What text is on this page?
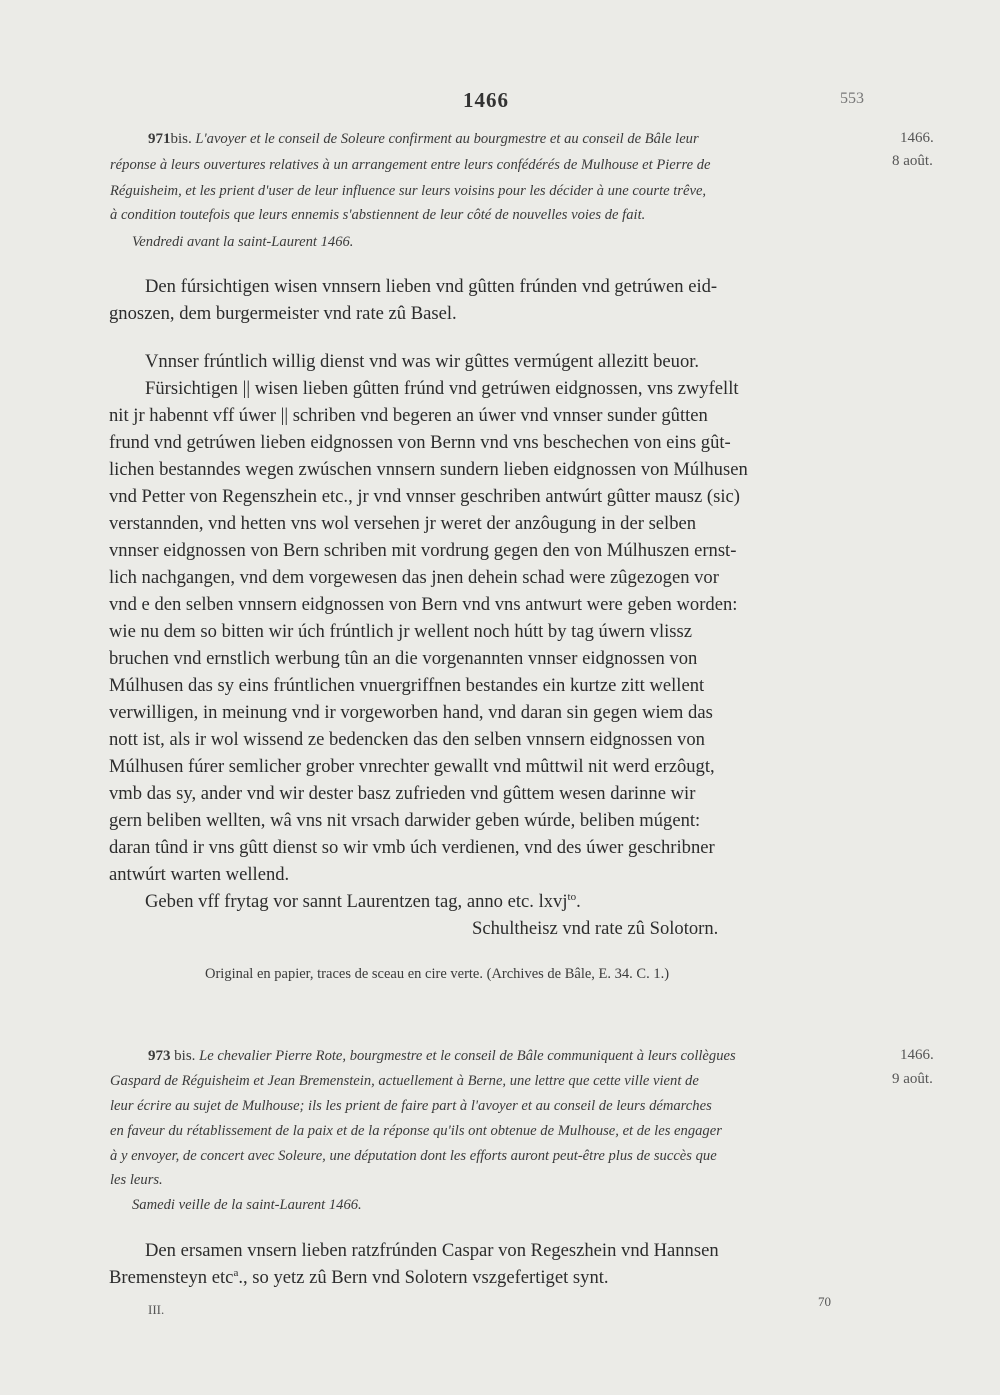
1466	553

1466.

8 août.

971bis. L'avoyer et le conseil de Soleure confirment au bourgmestre et au conseil de Bâle leur

réponse à leurs ouvertures relatives à un arrangement entre leurs confédérés de Mulhouse et Pierre de

Réguisheim, et les prient d'user de leur influence sur leurs voisins pour les décider à une courte trêve,

à condition toutefois que leurs ennemis s'abstiennent de leur côté de nouvelles voies de fait.

Vendredi avant la saint-Laurent 1466.

Den fúrsichtigen wisen vnnsern lieben vnd gûtten frúnden vnd getrúwen eid-

gnoszen, dem burgermeister vnd rate zû Basel.

Vnnser frúntlich willig dienst vnd was wir gûttes vermúgent allezitt beuor.

Fürsichtigen || wisen lieben gûtten frúnd vnd getrúwen eidgnossen, vns zwyfellt

nit jr habennt vff úwer || schriben vnd begeren an úwer vnd vnnser sunder gûtten

frund vnd getrúwen lieben eidgnossen von Bernn vnd vns beschechen von eins gût-

lichen bestanndes wegen zwúschen vnnsern sundern lieben eidgnossen von Múlhusen

vnd Petter von Regenszhein etc., jr vnd vnnser geschriben antwúrt gûtter mausz (sic)

verstannden, vnd hetten vns wol versehen jr weret der anzôugung in der selben

vnnser eidgnossen von Bern schriben mit vordrung gegen den von Múlhuszen ernst-

lich nachgangen, vnd dem vorgewesen das jnen dehein schad were zûgezogen vor

vnd e den selben vnnsern eidgnossen von Bern vnd vns antwurt were geben worden:

wie nu dem so bitten wir úch frúntlich jr wellent noch hútt by tag úwern vlissz

bruchen vnd ernstlich werbung tûn an die vorgenannten vnnser eidgnossen von

Múlhusen das sy eins frúntlichen vnuergriffnen bestandes ein kurtze zitt wellent

verwilligen, in meinung vnd ir vorgeworben hand, vnd daran sin gegen wiem das

nott ist, als ir wol wissend ze bedencken das den selben vnnsern eidgnossen von

Múlhusen fúrer semlicher grober vnrechter gewallt vnd mûttwil nit werd erzôugt,

vmb das sy, ander vnd wir dester basz zufrieden vnd gûttem wesen darinne wir

gern beliben wellten, wâ vns nit vrsach darwider geben wúrde, beliben múgent:

daran tûnd ir vns gûtt dienst so wir vmb úch verdienen, vnd des úwer geschribner

antwúrt warten wellend.

Geben vff frytag vor sannt Laurentzen tag, anno etc. lxvj$^{to}$.

Schultheisz vnd rate zû Solotorn.

Original en papier, traces de sceau en cire verte. (Archives de Bâle, E. 34. C. 1.)

1466.

9 août.

973 bis. Le chevalier Pierre Rote, bourgmestre et le conseil de Bâle communiquent à leurs collègues

Gaspard de Réguisheim et Jean Bremenstein, actuellement à Berne, une lettre que cette ville vient de

leur écrire au sujet de Mulhouse; ils les prient de faire part à l'avoyer et au conseil de leurs démarches

en faveur du rétablissement de la paix et de la réponse qu'ils ont obtenue de Mulhouse, et de les engager

à y envoyer, de concert avec Soleure, une députation dont les efforts auront peut-être plus de succès que

les leurs.

Samedi veille de la saint-Laurent 1466.

Den ersamen vnsern lieben ratzfrúnden Caspar von Regeszhein vnd Hannsen

Bremensteyn etc$^a$., so yetz zû Bern vnd Solotern vszgefertiget synt.

III.

70
